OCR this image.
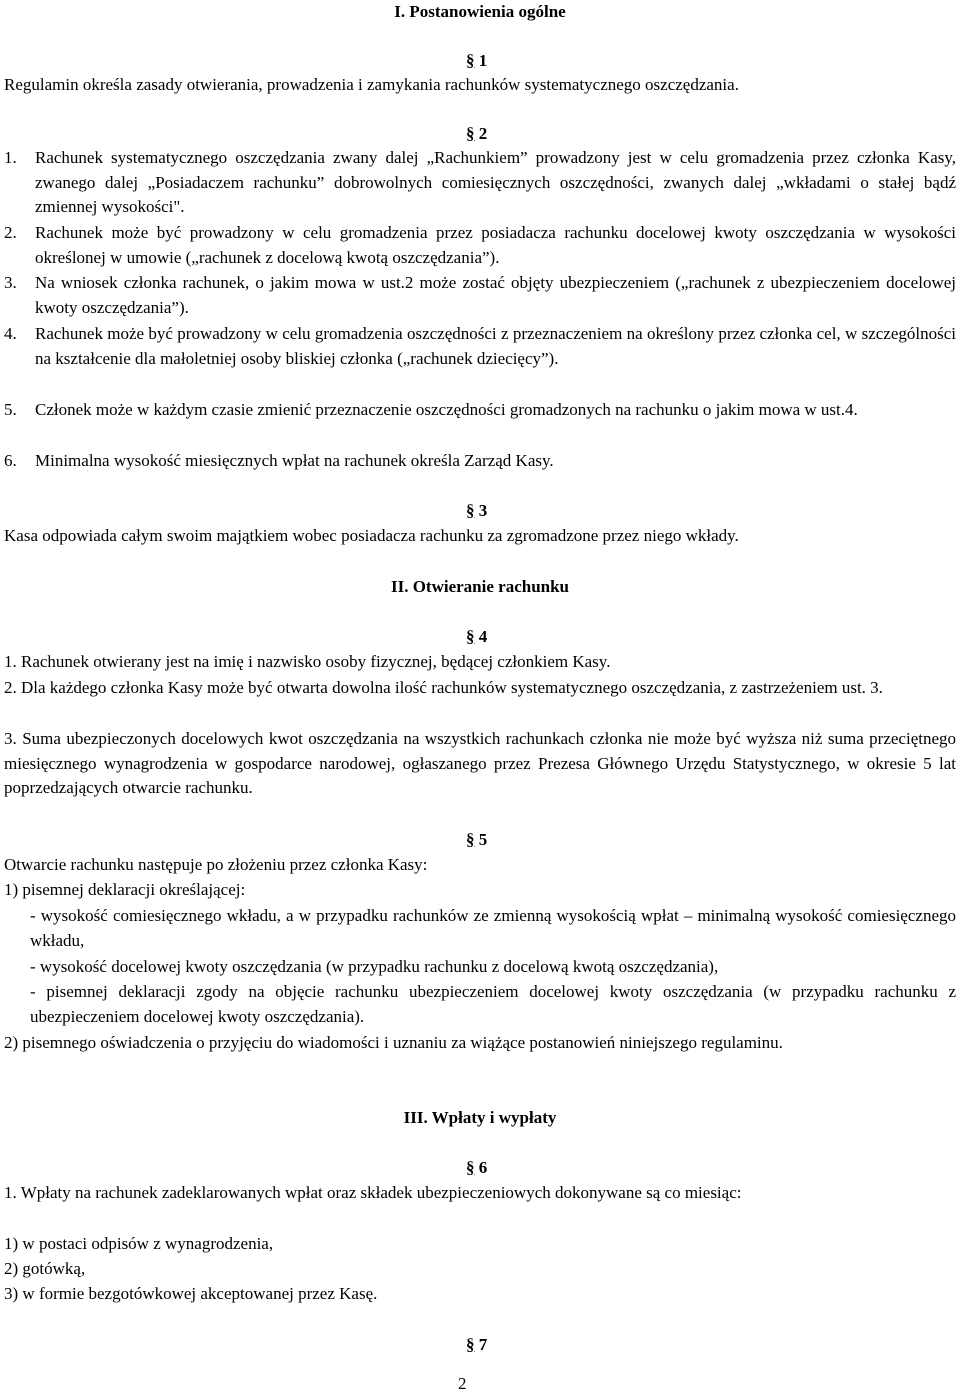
I. Postanowienia ogólne
§ 1
Regulamin określa zasady otwierania, prowadzenia i zamykania rachunków systematycznego oszczędzania.
§ 2
1. Rachunek systematycznego oszczędzania zwany dalej „Rachunkiem” prowadzony jest w celu gromadzenia przez członka Kasy, zwanego dalej „Posiadaczem rachunku” dobrowolnych comiesięcznych oszczędności, zwanych dalej „wkładami o stałej bądź zmiennej wysokości".
2. Rachunek może być prowadzony w celu gromadzenia przez posiadacza rachunku docelowej kwoty oszczędzania w wysokości określonej w umowie („rachunek z docelową kwotą oszczędzania”).
3. Na wniosek członka rachunek, o jakim mowa w ust.2 może zostać objęty ubezpieczeniem („rachunek z ubezpieczeniem docelowej kwoty oszczędzania”).
4. Rachunek może być prowadzony w celu gromadzenia oszczędności z przeznaczeniem na określony przez członka cel, w szczególności na kształcenie dla małoletniej osoby bliskiej członka („rachunek dziecięcy”).
5. Członek może w każdym czasie zmienić przeznaczenie oszczędności gromadzonych na rachunku o jakim mowa w ust.4.
6. Minimalna wysokość miesięcznych wpłat na rachunek określa Zarząd Kasy.
§ 3
Kasa odpowiada całym swoim majątkiem wobec posiadacza rachunku za zgromadzone przez niego wkłady.
II. Otwieranie rachunku
§ 4
1. Rachunek otwierany jest na imię i nazwisko osoby fizycznej, będącej członkiem Kasy.
2. Dla każdego członka Kasy może być otwarta dowolna ilość rachunków systematycznego oszczędzania, z zastrzeżeniem ust. 3.
3. Suma ubezpieczonych docelowych kwot oszczędzania na wszystkich rachunkach członka nie może być wyższa niż suma przeciętnego miesięcznego wynagrodzenia w gospodarce narodowej, ogłaszanego przez Prezesa Głównego Urzędu Statystycznego, w okresie 5 lat poprzedzających otwarcie rachunku.
§ 5
Otwarcie rachunku następuje po złożeniu przez członka Kasy:
1) pisemnej deklaracji określającej:
- wysokość comiesięcznego wkładu, a w przypadku rachunków ze zmienną wysokością wpłat – minimalną wysokość comiesięcznego wkładu,
- wysokość docelowej kwoty oszczędzania (w przypadku rachunku z docelową kwotą oszczędzania),
- pisemnej deklaracji zgody na objęcie rachunku ubezpieczeniem docelowej kwoty oszczędzania (w przypadku rachunku z ubezpieczeniem docelowej kwoty oszczędzania).
2) pisemnego oświadczenia o przyjęciu do wiadomości i uznaniu za wiążące postanowień niniejszego regulaminu.
III. Wpłaty i wypłaty
§ 6
1. Wpłaty na rachunek zadeklarowanych wpłat oraz składek ubezpieczeniowych dokonywane są co miesiąc:
1) w postaci odpisów z wynagrodzenia,
2) gotówką,
3) w formie bezgotówkowej akceptowanej przez Kasę.
§ 7
2
